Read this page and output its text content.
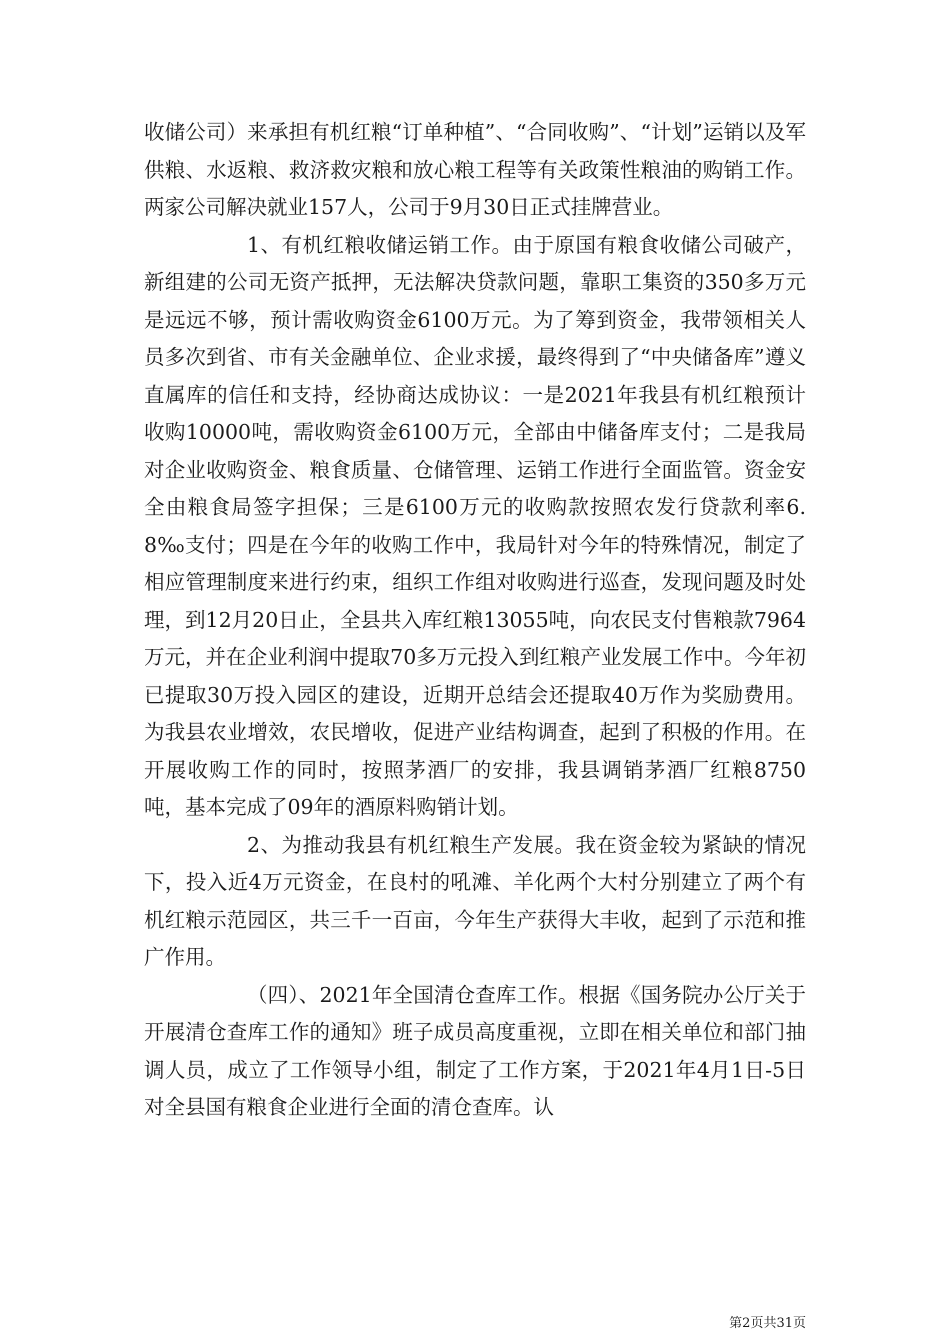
收储公司）来承担有机红粮“订单种植”、“合同收购”、“计划”运销以及军供粮、水返粮、救济救灾粮和放心粮工程等有关政策性粮油的购销工作。两家公司解决就业157人，公司于9月30日正式挂牌营业。

1、有机红粮收储运销工作。由于原国有粮食收储公司破产，新组建的公司无资产抵押，无法解决贷款问题，靠职工集资的350多万元是远远不够，预计需收购资金6100万元。为了筹到资金，我带领相关人员多次到省、市有关金融单位、企业求援，最终得到了“中央储备库”遵义直属库的信任和支持，经协商达成协议：一是2021年我县有机红粮预计收购10000吨，需收购资金6100万元，全部由中储备库支付；二是我局对企业收购资金、粮食质量、仓储管理、运销工作进行全面监管。资金安全由粮食局签字担保；三是6100万元的收购款按照农发行贷款利率6.8‰支付；四是在今年的收购工作中，我局针对今年的特殊情况，制定了相应管理制度来进行约束，组织工作组对收购进行巡查，发现问题及时处理，到12月20日止，全县共入库红粮13055吨，向农民支付售粮款7964万元，并在企业利润中提取70多万元投入到红粮产业发展工作中。今年初已提取30万投入园区的建设，近期开总结会还提取40万作为奖励费用。为我县农业增效，农民增收，促进产业结构调查，起到了积极的作用。在开展收购工作的同时，按照茅酒厂的安排，我县调销茅酒厂红粮8750吨，基本完成了09年的酒原料购销计划。

2、为推动我县有机红粮生产发展。我在资金较为紧缺的情况下，投入近4万元资金，在良村的吼滩、羊化两个大村分别建立了两个有机红粮示范园区，共三千一百亩，今年生产获得大丰收，起到了示范和推广作用。

（四）、2021年全国清仓查库工作。根据《国务院办公厅关于开展清仓查库工作的通知》班子成员高度重视，立即在相关单位和部门抽调人员，成立了工作领导小组，制定了工作方案，于2021年4月1日-5日对全县国有粮食企业进行全面的清仓查库。认

第2页共31页
